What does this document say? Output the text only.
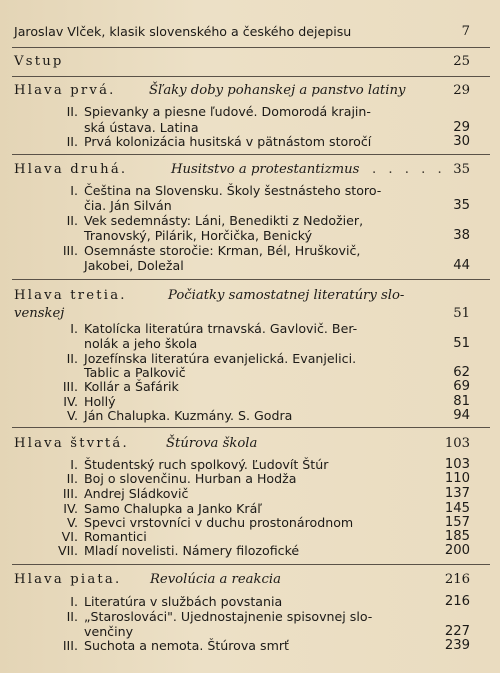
Jaroslav Vlček, klasik slovenského a českého dejepisu	7
Vstup	25
Hlava prvá.	Šľaky doby pohanskej a panstvo latiny	29
II. Spievanky a piesne ľudové. Domorodá krajin-
ská ústava. Latina	29
II. Prvá kolonizácia husitská v pätnástom storočí	30
Hlava druhá.	Husitstvo a protestantizmus . . . . . 35
I. Čeština na Slovensku. Školy šestnásteho storo-
čia. Ján Silván	35
II. Vek sedemnásty: Láni, Benedikti z Nedožier,
Tranovský, Pilárik, Horčička, Benický	38
III. Osemnáste storočie: Krman, Bél, Hruškovič,
Jakobei, Doležal	44
Hlava tretia.	Počiatky samostatnej literatúry slo-
venskej	51
I. Katolícka literatúra trnavská. Gavlovič. Ber-
nolák a jeho škola	51
II. Jozefínska literatúra evanjelická. Evanjelici.
Tablic a Palkovič	62
III. Kollár a Šafárik	69
IV. Hollý	81
V. Ján Chalupka. Kuzmány. S. Godra	94
Hlava štvrtá.	Štúrova škola	103
I. Študentský ruch spolkový. Ľudovít Štúr	103
II. Boj o slovenčinu. Hurban a Hodža	110
III. Andrej Sládkovič	137
IV. Samo Chalupka a Janko Kráľ	145
V. Spevci vrstovníci v duchu prostonárodnom	157
VI. Romantici	185
VII. Mladí novelisti. Námery filozofické	200
Hlava piata. Revolúcia a reakcia	216
I. Literatúra v službách povstania	216
II. „Staroslováci". Ujednostajnenie spisovnej slo-
venčiny	227
III. Suchota a nemota. Štúrova smrť	239
